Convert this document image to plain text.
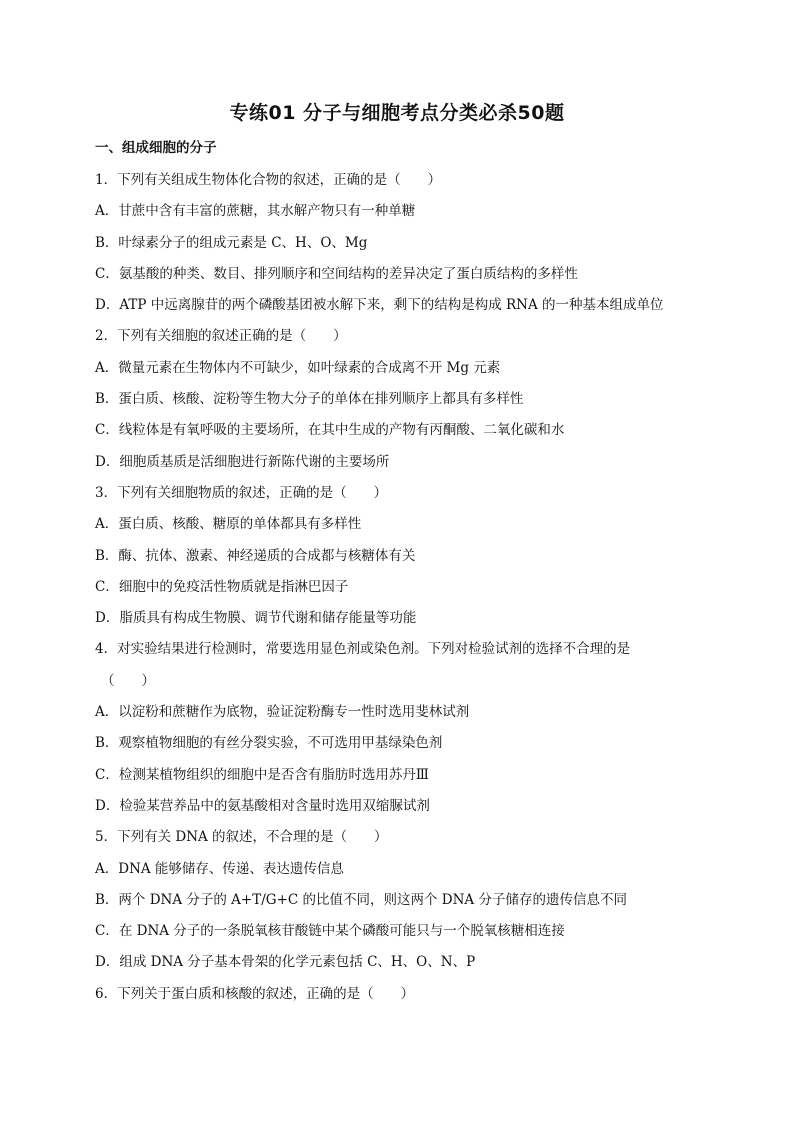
专练01 分子与细胞考点分类必杀50题
一、组成细胞的分子
1．下列有关组成生物体化合物的叙述，正确的是（　　）
A．甘蔗中含有丰富的蔗糖，其水解产物只有一种单糖
B．叶绿素分子的组成元素是 C、H、O、Mg
C．氨基酸的种类、数目、排列顺序和空间结构的差异决定了蛋白质结构的多样性
D．ATP 中远离腺苷的两个磷酸基团被水解下来，剩下的结构是构成 RNA 的一种基本组成单位
2．下列有关细胞的叙述正确的是（　　）
A．微量元素在生物体内不可缺少，如叶绿素的合成离不开 Mg 元素
B．蛋白质、核酸、淀粉等生物大分子的单体在排列顺序上都具有多样性
C．线粒体是有氧呼吸的主要场所，在其中生成的产物有丙酮酸、二氧化碳和水
D．细胞质基质是活细胞进行新陈代谢的主要场所
3．下列有关细胞物质的叙述，正确的是（　　）
A．蛋白质、核酸、糖原的单体都具有多样性
B．酶、抗体、激素、神经递质的合成都与核糖体有关
C．细胞中的免疫活性物质就是指淋巴因子
D．脂质具有构成生物膜、调节代谢和储存能量等功能
4．对实验结果进行检测时，常要选用显色剂或染色剂。下列对检验试剂的选择不合理的是
（　　）
A．以淀粉和蔗糖作为底物，验证淀粉酶专一性时选用斐林试剂
B．观察植物细胞的有丝分裂实验，不可选用甲基绿染色剂
C．检测某植物组织的细胞中是否含有脂肪时选用苏丹Ⅲ
D．检验某营养品中的氨基酸相对含量时选用双缩脲试剂
5．下列有关 DNA 的叙述，不合理的是（　　）
A．DNA 能够储存、传递、表达遗传信息
B．两个 DNA 分子的 A+T/G+C 的比值不同，则这两个 DNA 分子储存的遗传信息不同
C．在 DNA 分子的一条脱氧核苷酸链中某个磷酸可能只与一个脱氧核糖相连接
D．组成 DNA 分子基本骨架的化学元素包括 C、H、O、N、P
6．下列关于蛋白质和核酸的叙述，正确的是（　　）
